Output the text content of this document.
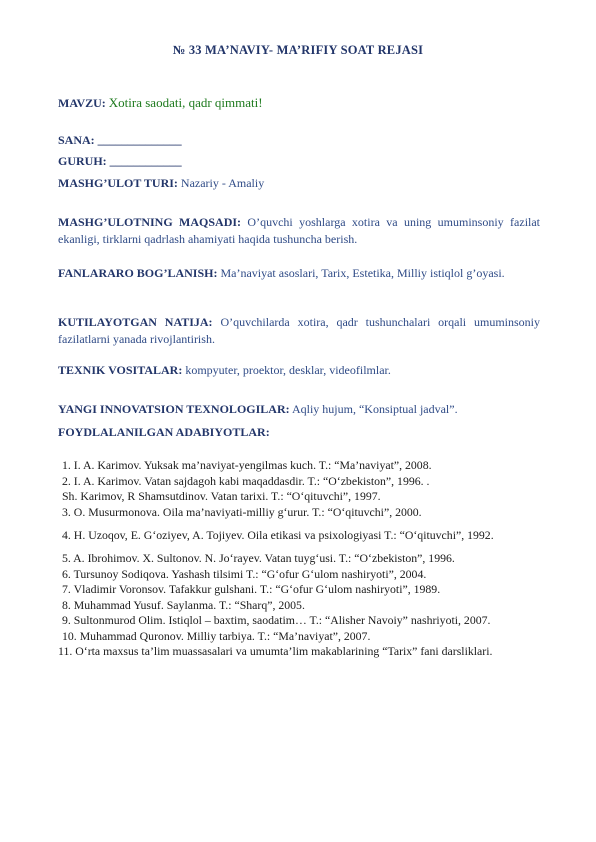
№ 33 MA’NAVIY- MA’RIFIY SOAT REJASI
MAVZU: Xotira saodati, qadr qimmati!
SANA: ______________
GURUH: ____________
MASHG’ULOT TURI: Nazariy - Amaliy
MASHG’ULOTNING MAQSADI: O’quvchi yoshlarga xotira va uning umuminsoniy fazilat ekanligi, tirklarni qadrlash ahamiyati haqida tushuncha berish.
FANLARARO BOG’LANISH: Ma’naviyat asoslari, Tarix, Estetika, Milliy istiqlol g’oyasi.
KUTILAYOTGAN NATIJA: O’quvchilarda xotira, qadr tushunchalari orqali umuminsoniy fazilatlarni yanada rivojlantirish.
TEXNIK VOSITALAR: kompyuter, proektor, desklar, videofilmlar.
YANGI INNOVATSION TEXNOLOGILAR: Aqliy hujum, “Konsiptual jadval”.
FOYDLALANILGAN ADABIYOTLAR:
1. I. A. Karimov. Yuksak ma’naviyat-yengilmas kuch. T.: “Ma’naviyat”, 2008.
2. I. A. Karimov. Vatan sajdagoh kabi maqaddasdir. T.: “O‘zbekiston”, 1996. .
Sh. Karimov, R Shamsutdinov. Vatan tarixi. T.: “O‘qituvchi”, 1997.
3. O. Musurmonova. Oila ma’naviyati-milliy g‘urur. T.: “O‘qituvchi”, 2000.
4. H. Uzoqov, E. G‘oziyev, A. Tojiyev. Oila etikasi va psixologiyasi T.: “O‘qituvchi”, 1992.
5. A. Ibrohimov. X. Sultonov. N. Jo‘rayev. Vatan tuyg‘usi. T.: “O‘zbekiston”, 1996.
6. Tursunoy Sodiqova. Yashash tilsimi T.: “G‘ofur G‘ulom nashiryoti”, 2004.
7. Vladimir Voronsov. Tafakkur gulshani. T.: “G‘ofur G‘ulom nashiryoti”, 1989.
8. Muhammad Yusuf. Saylanma. T.: “Sharq”, 2005.
9. Sultonmurod Olim. Istiqlol – baxtim, saodatim… T.: “Alisher Navoiy” nashriyoti, 2007.
10. Muhammad Quronov. Milliy tarbiya. T.: “Ma’naviyat”, 2007.
11. O‘rta maxsus ta’lim muassasalari va umumta’lim makablarining “Tarix” fani darsliklari.
